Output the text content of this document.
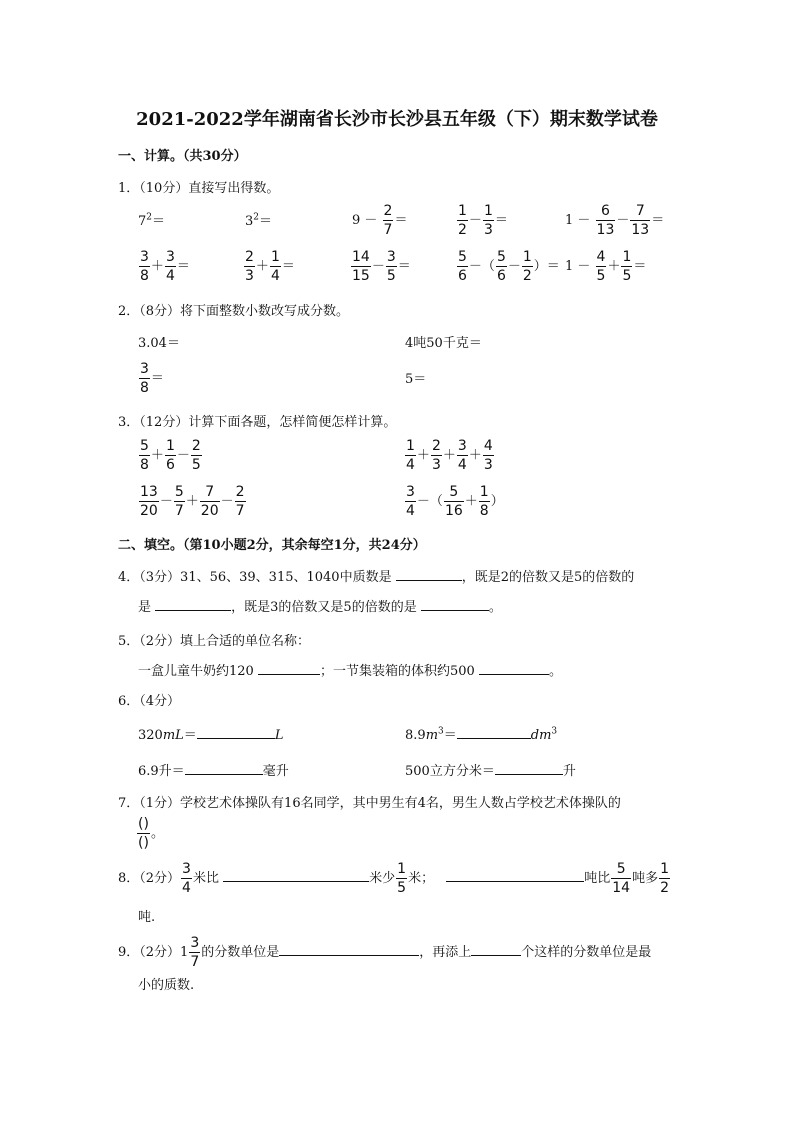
2021-2022学年湖南省长沙市长沙县五年级（下）期末数学试卷
一、计算。（共30分）
1．（10分）直接写出得数。
$7^2=$	$3^2=$	$9 - \frac{2}{7}$ ＝	$\frac{1}{2} - \frac{1}{3}$ ＝	$1 - \frac{6}{13} - \frac{7}{13}$ ＝
$\frac{3}{8} + \frac{3}{4}$ ＝	$\frac{2}{3} + \frac{1}{4}$ ＝	$\frac{14}{15} - \frac{3}{5}$ ＝	$\frac{5}{6}$ －（ $\frac{5}{6} - \frac{1}{2}$ ）＝ $1 - \frac{4}{5} + \frac{1}{5}$ ＝
2．（8分）将下面整数小数改写成分数。
3.04＝	4吨50千克＝
$\frac{3}{8}$ ＝	5＝
3．（12分）计算下面各题，怎样简便怎样计算。
$\frac{5}{8} + \frac{1}{6} - \frac{2}{5}$	$\frac{1}{4} + \frac{2}{3} + \frac{3}{4} + \frac{4}{3}$
$\frac{13}{20} - \frac{5}{7} + \frac{7}{20} - \frac{2}{7}$	$\frac{3}{4}$ －（ $\frac{5}{16} + \frac{1}{8}$ ）
二、填空。（第10小题2分，其余每空1分，共24分）
4．（3分）31、56、39、315、1040中质数是	，既是2的倍数又是5的倍数的
是	，既是3的倍数又是5的倍数的是	。
5．（2分）填上合适的单位名称：
一盒儿童牛奶约120	；一节集装箱的体积约500	。
6．（4分）
320mL＝	L	$8.9m^3=$	$dm^3$
6.9升＝	毫升	500立方分米＝	升
7．（1分）学校艺术体操队有16名同学，其中男生有4名，男生人数占学校艺术体操队的
$\frac{()}{()}$ 。
8．（2分） $\frac{3}{4}$ 米比	米少 $\frac{1}{5}$ 米；	吨比 $\frac{5}{14}$ 吨多 $\frac{1}{2}$
吨.
9．（2分）$1 \frac{3}{7}$ 的分数单位是	，再添上	个这样的分数单位是最
小的质数.
